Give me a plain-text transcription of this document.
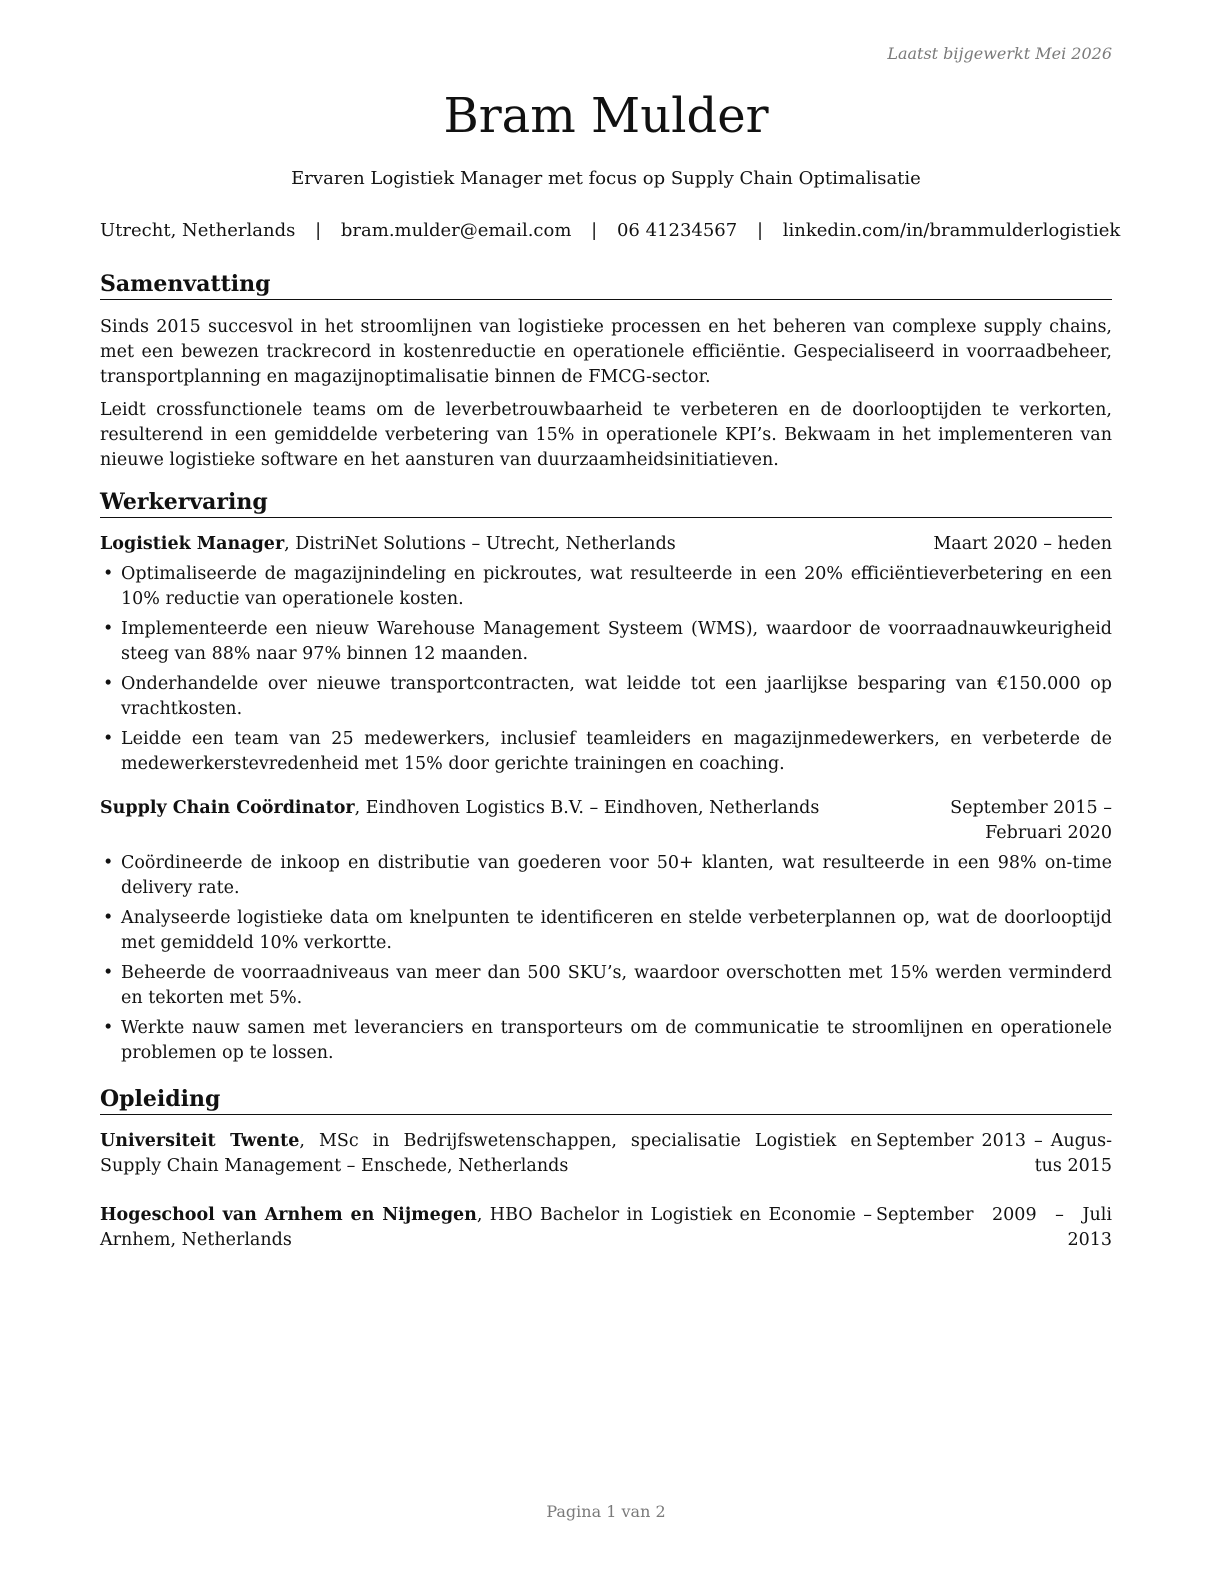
Laatst bijgewerkt Mei 2026
Bram Mulder
Ervaren Logistiek Manager met focus op Supply Chain Optimalisatie
Utrecht, Netherlands | bram.mulder@email.com | 06 41234567 | linkedin.com/in/brammulderlogistiek
Samenvatting

Sinds 2015 succesvol in het stroomlijnen van logistieke processen en het beheren van complexe supply chains, met een bewezen trackrecord in kostenreductie en operationele efficiëntie. Gespecialiseerd in voorraadbeheer, transportplanning en magazijnoptimalisatie binnen de FMCG-sector.

Leidt crossfunctionele teams om de leverbetrouwbaarheid te verbeteren en de doorlooptijden te verkorten, resulterend in een gemiddelde verbetering van 15% in operationele KPI’s. Bekwaam in het implementeren van nieuwe logistieke software en het aansturen van duurzaamheidsinitiatieven.

Werkervaring
Logistiek Manager, DistriNet Solutions – Utrecht, Netherlands	Maart 2020 – heden
• Optimaliseerde de magazijnindeling en pickroutes, wat resulteerde in een 20% efficiëntieverbetering en een 10% reductie van operationele kosten.
• Implementeerde een nieuw Warehouse Management Systeem (WMS), waardoor de voorraadnauwkeurigheid steeg van 88% naar 97% binnen 12 maanden.
• Onderhandelde over nieuwe transportcontracten, wat leidde tot een jaarlijkse besparing van €150.000 op vrachtkosten.
• Leidde een team van 25 medewerkers, inclusief teamleiders en magazijnmedewerkers, en verbeterde de medewerkerstevredenheid met 15% door gerichte trainingen en coaching.
Supply Chain Coördinator, Eindhoven Logistics B.V. – Eindhoven, Netherlands	September 2015 – Februari 2020
• Coördineerde de inkoop en distributie van goederen voor 50+ klanten, wat resulteerde in een 98% on-time delivery rate.
• Analyseerde logistieke data om knelpunten te identificeren en stelde verbeterplannen op, wat de doorlooptijd met gemiddeld 10% verkortte.
• Beheerde de voorraadniveaus van meer dan 500 SKU’s, waardoor overschotten met 15% werden verminderd en tekorten met 5%.
• Werkte nauw samen met leveranciers en transporteurs om de communicatie te stroomlijnen en operationele problemen op te lossen.
Opleiding
Universiteit Twente, MSc in Bedrijfswetenschappen, specialisatie Logistiek en Supply Chain Management – Enschede, Netherlands
September 2013 – Augustus 2015
Hogeschool van Arnhem en Nijmegen, HBO Bachelor in Logistiek en Economie – Arnhem, Netherlands
September 2009 – Juli 2013
Pagina 1 van 2
